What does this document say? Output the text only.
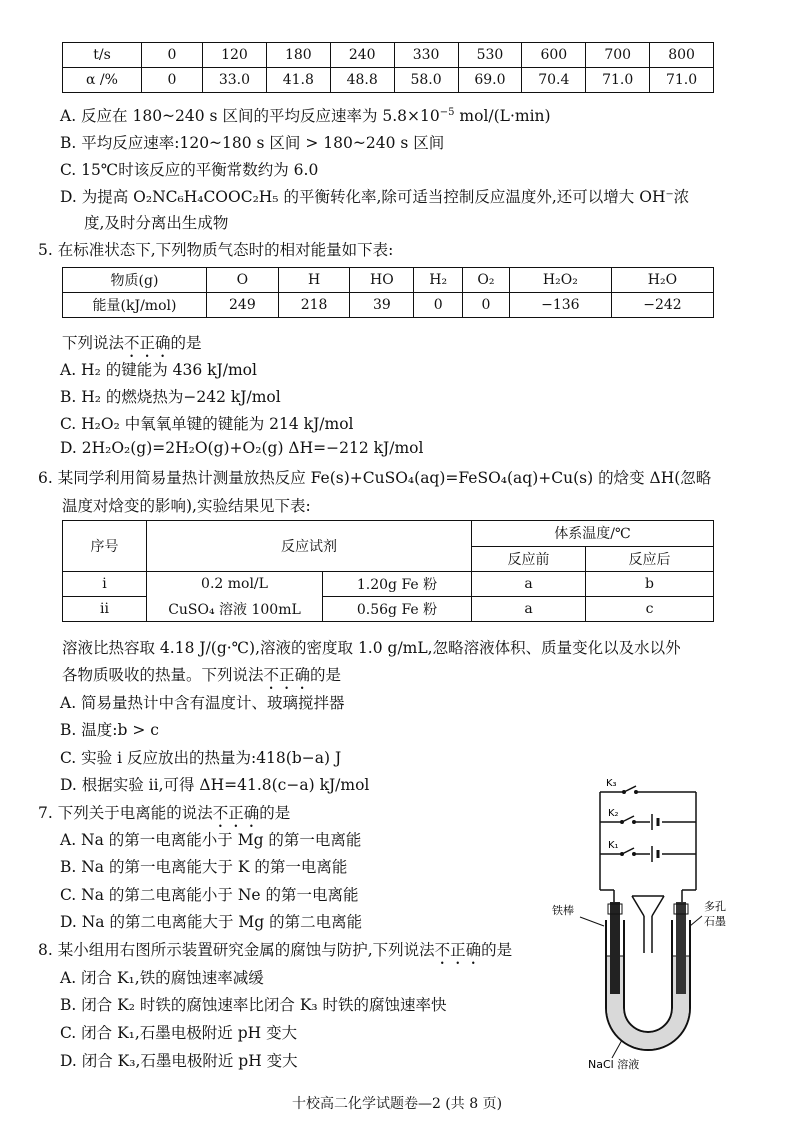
t/s	0	120	180	240	330	530	600	700	800
α /%	0	33.0	41.8	48.8	58.0	69.0	70.4	71.0	71.0
A. 反应在 180~240 s 区间的平均反应速率为 $5.8\times 10^{-5}$ mol/(L·min)
B. 平均反应速率:120~180 s 区间 > 180~240 s 区间
C. 15℃时该反应的平衡常数约为 6.0
D. 为提高 O₂NC₆H₄COOC₂H₅ 的平衡转化率,除可适当控制反应温度外,还可以增大 OH⁻浓
度,及时分离出生成物
5. 在标准状态下,下列物质气态时的相对能量如下表:
物质(g)	O	H	HO	H₂	O₂	H₂O₂	H₂O
能量(kJ/mol)	249	218	39	0	0	−136	−242
下列说法不正确的是
A. H₂ 的键能为 436 kJ/mol
B. H₂ 的燃烧热为−242 kJ/mol
C. H₂O₂ 中氧氧单键的键能为 214 kJ/mol
D. 2H₂O₂(g)=2H₂O(g)+O₂(g) ΔH=−212 kJ/mol
6. 某同学利用简易量热计测量放热反应 Fe(s)+CuSO₄(aq)=FeSO₄(aq)+Cu(s) 的焓变 ΔH(忽略
温度对焓变的影响),实验结果见下表:
序号	反应试剂		体系温度/℃	
			反应前	反应后
i	0.2 mol/L	1.20g Fe 粉	a	b
ii	CuSO₄ 溶液 100mL	0.56g Fe 粉	a	c
溶液比热容取 4.18 J/(g·℃),溶液的密度取 1.0 g/mL,忽略溶液体积、质量变化以及水以外
各物质吸收的热量。下列说法不正确的是
A. 简易量热计中含有温度计、玻璃搅拌器
B. 温度:b > c
C. 实验 i 反应放出的热量为:418(b−a) J
D. 根据实验 ii,可得 ΔH=41.8(c−a) kJ/mol
7. 下列关于电离能的说法不正确的是
A. Na 的第一电离能小于 Mg 的第一电离能
B. Na 的第一电离能大于 K 的第一电离能
C. Na 的第二电离能小于 Ne 的第一电离能
D. Na 的第二电离能大于 Mg 的第二电离能
8. 某小组用右图所示装置研究金属的腐蚀与防护,下列说法不正确的是
A. 闭合 K₁,铁的腐蚀速率减缓
B. 闭合 K₂ 时铁的腐蚀速率比闭合 K₃ 时铁的腐蚀速率快
C. 闭合 K₁,石墨电极附近 pH 变大
D. 闭合 K₃,石墨电极附近 pH 变大
K₃
K₂
K₁
铁棒	多孔
石墨
NaCl 溶液
十校高二化学试题卷—2 (共 8 页)
